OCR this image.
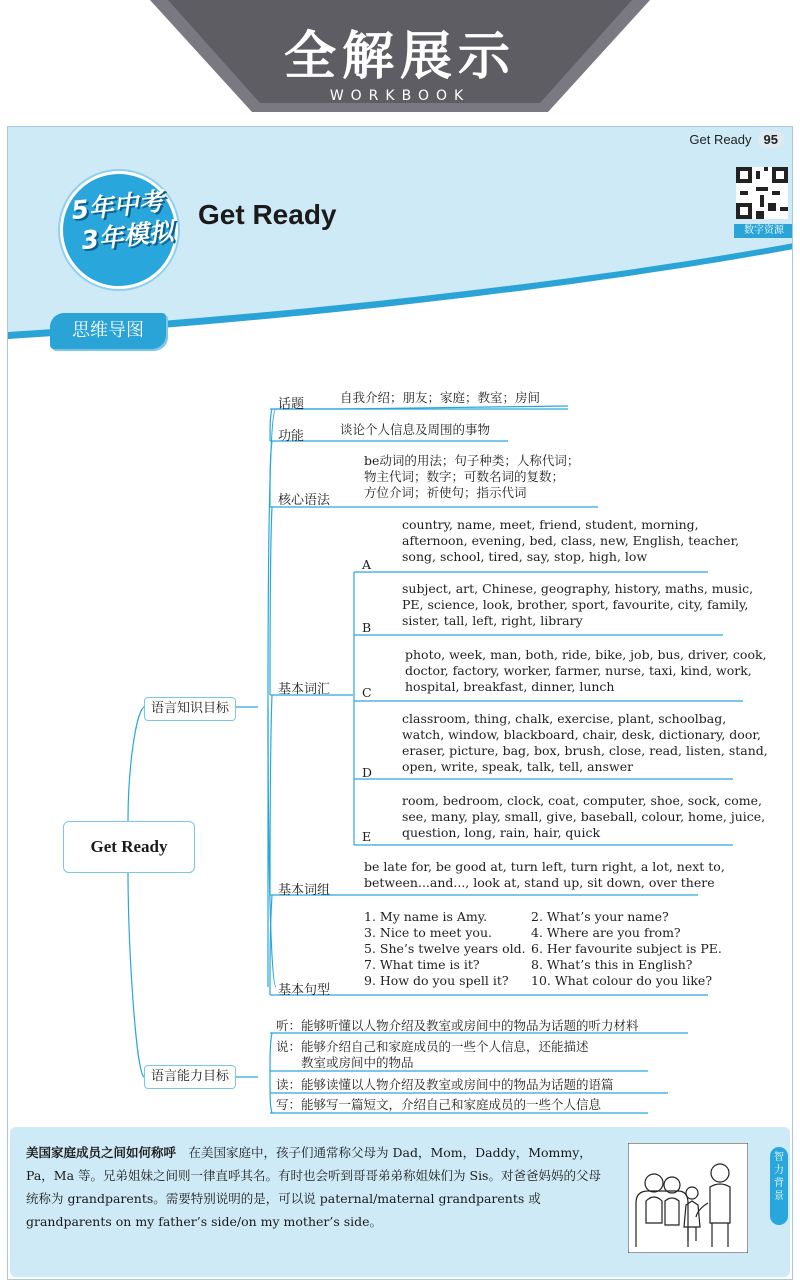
全解展示
WORKBOOK
Get Ready 95
数字资源
5年中考
3年模拟
Get Ready
思维导图
Get Ready
语言知识目标
语言能力目标
话题	自我介绍；朋友；家庭；教室；房间
功能	谈论个人信息及周围的事物
核心语法
be动词的用法；句子种类；人称代词；
物主代词；数字；可数名词的复数；
方位介词；祈使句；指示代词
基本词汇
A
country, name, meet, friend, student, morning,
afternoon, evening, bed, class, new, English, teacher,
song, school, tired, say, stop, high, low
B
subject, art, Chinese, geography, history, maths, music,
PE, science, look, brother, sport, favourite, city, family,
sister, tall, left, right, library
C
photo, week, man, both, ride, bike, job, bus, driver, cook,
doctor, factory, worker, farmer, nurse, taxi, kind, work,
hospital, breakfast, dinner, lunch
D
classroom, thing, chalk, exercise, plant, schoolbag,
watch, window, blackboard, chair, desk, dictionary, door,
eraser, picture, bag, box, brush, close, read, listen, stand,
open, write, speak, talk, tell, answer
E
room, bedroom, clock, coat, computer, shoe, sock, come,
see, many, play, small, give, baseball, colour, home, juice,
question, long, rain, hair, quick
基本词组
be late for, be good at, turn left, turn right, a lot, next to,
between...and..., look at, stand up, sit down, over there
基本句型
1. My name is Amy.
3. Nice to meet you.
5. She’s twelve years old.
7. What time is it?
9. How do you spell it?
2. What’s your name?
4. Where are you from?
6. Her favourite subject is PE.
8. What’s this in English?
10. What colour do you like?
听：能够听懂以人物介绍及教室或房间中的物品为话题的听力材料
说：能够介绍自己和家庭成员的一些个人信息，还能描述
　　教室或房间中的物品
读：能够读懂以人物介绍及教室或房间中的物品为话题的语篇
写：能够写一篇短文，介绍自己和家庭成员的一些个人信息
美国家庭成员之间如何称呼　 在美国家庭中，孩子们通常称父母为 Dad，Mom，Daddy，Mommy，Pa，Ma 等。兄弟姐妹之间则一律直呼其名。有时也会听到哥哥弟弟称姐妹们为 Sis。对爸爸妈妈的父母统称为 grandparents。需要特别说明的是，可以说 paternal/maternal grandparents 或 grandparents on my father’s side/on my mother’s side。
智力背景
